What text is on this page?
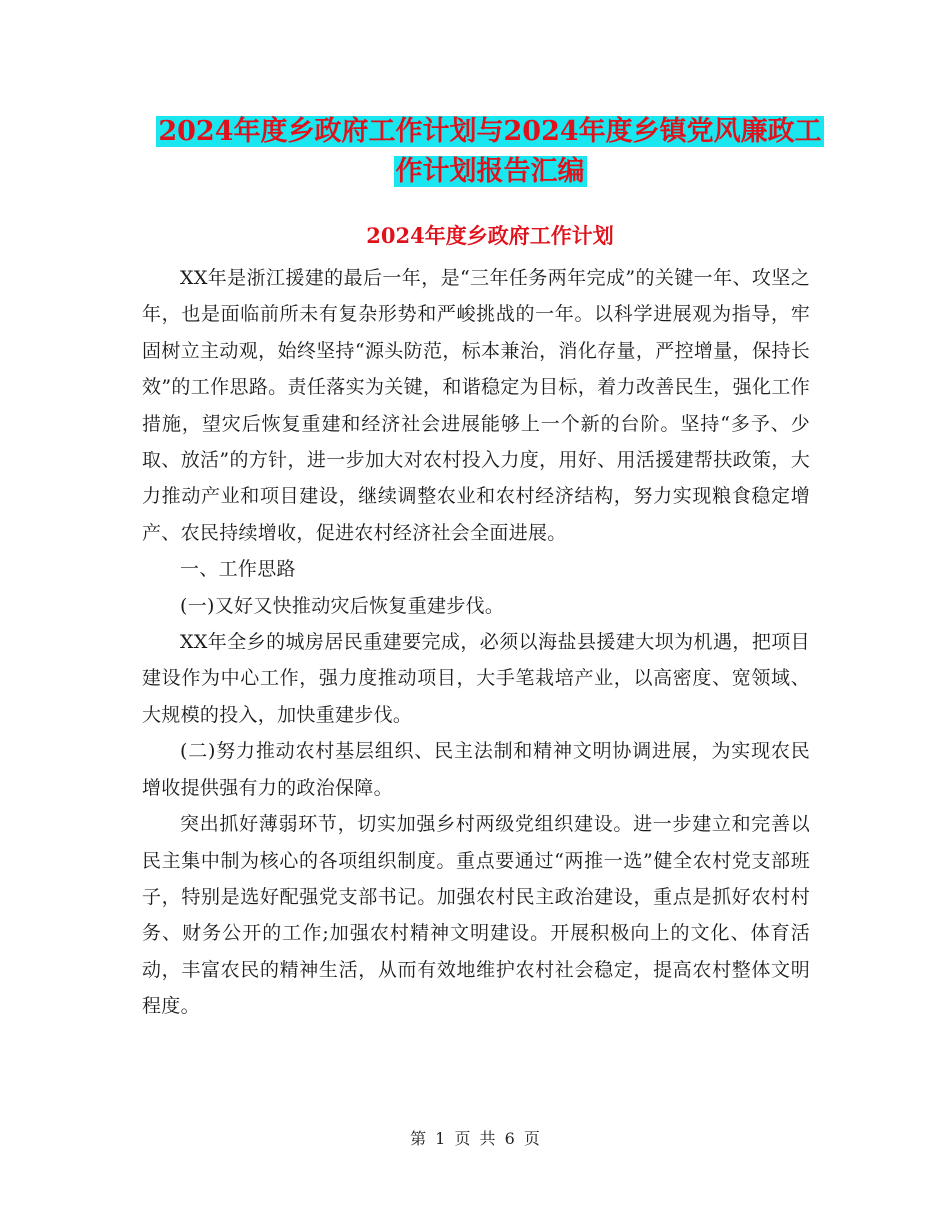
2024年度乡政府工作计划与2024年度乡镇党风廉政工
作计划报告汇编
2024年度乡政府工作计划

XX年是浙江援建的最后一年，是“三年任务两年完成”的关键一年、攻坚之年，也是面临前所未有复杂形势和严峻挑战的一年。以科学进展观为指导，牢固树立主动观，始终坚持“源头防范，标本兼治，消化存量，严控增量，保持长效”的工作思路。责任落实为关键，和谐稳定为目标，着力改善民生，强化工作措施，望灾后恢复重建和经济社会进展能够上一个新的台阶。坚持“多予、少取、放活”的方针，进一步加大对农村投入力度，用好、用活援建帮扶政策，大力推动产业和项目建设，继续调整农业和农村经济结构，努力实现粮食稳定增产、农民持续增收，促进农村经济社会全面进展。

一、工作思路

(一)又好又快推动灾后恢复重建步伐。

XX年全乡的城房居民重建要完成，必须以海盐县援建大坝为机遇，把项目建设作为中心工作，强力度推动项目，大手笔栽培产业，以高密度、宽领域、大规模的投入，加快重建步伐。

(二)努力推动农村基层组织、民主法制和精神文明协调进展，为实现农民增收提供强有力的政治保障。

突出抓好薄弱环节，切实加强乡村两级党组织建设。进一步建立和完善以民主集中制为核心的各项组织制度。重点要通过“两推一选”健全农村党支部班子，特别是选好配强党支部书记。加强农村民主政治建设，重点是抓好农村村务、财务公开的工作;加强农村精神文明建设。开展积极向上的文化、体育活动，丰富农民的精神生活，从而有效地维护农村社会稳定，提高农村整体文明程度。

第 1 页 共 6 页
